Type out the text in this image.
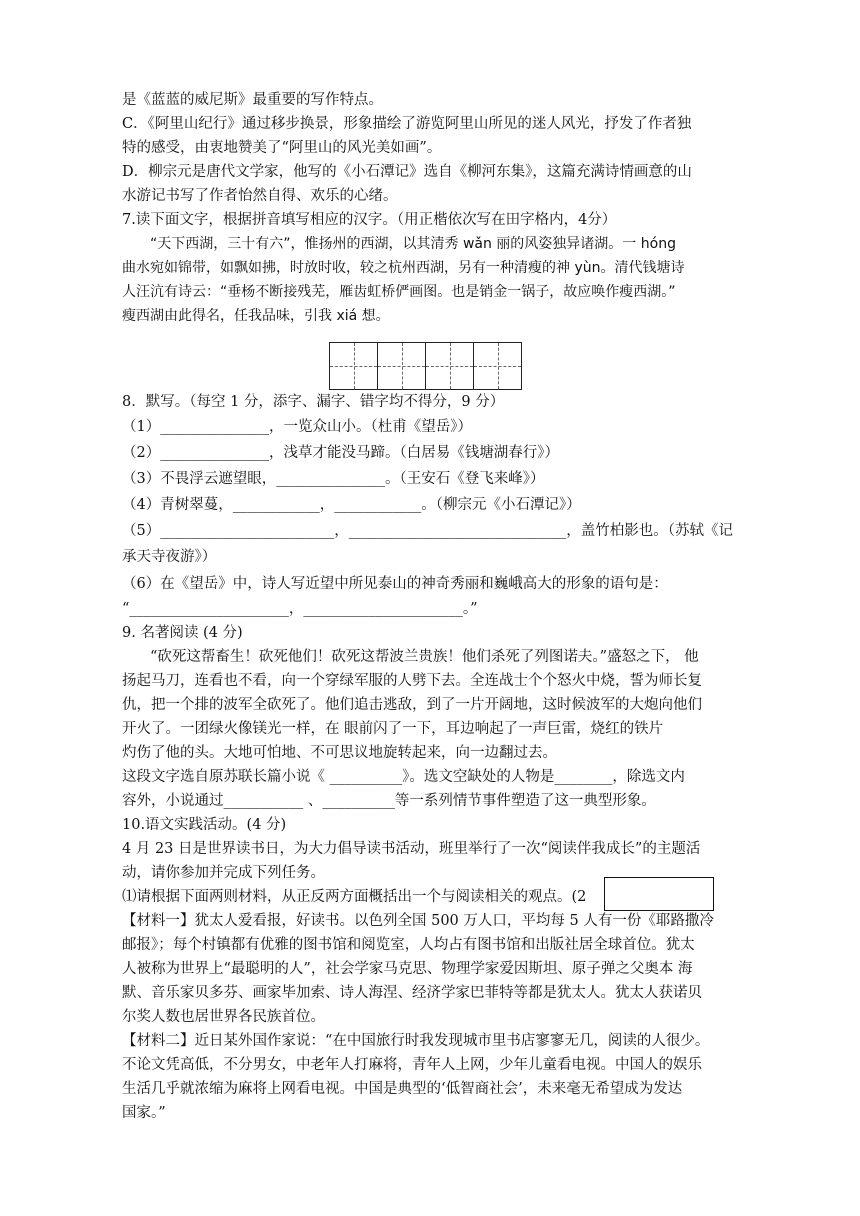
是《蓝蓝的威尼斯》最重要的写作特点。
C．《阿里山纪行》通过移步换景，形象描绘了游览阿里山所见的迷人风光，抒发了作者独
特的感受，由衷地赞美了“阿里山的风光美如画”。
D．柳宗元是唐代文学家，他写的《小石潭记》选自《柳河东集》，这篇充满诗情画意的山
水游记书写了作者怡然自得、欢乐的心绪。
7.读下面文字，根据拼音填写相应的汉字。（用正楷依次写在田字格内，4分）
“天下西湖，三十有六”，惟扬州的西湖，以其清秀 wǎn 丽的风姿独异诸湖。一 hóng
曲水宛如锦带，如飘如拂，时放时收，较之杭州西湖，另有一种清瘦的神 yùn。清代钱塘诗
人汪沆有诗云：“垂杨不断接残芜，雁齿虹桥俨画图。也是销金一锅子，故应唤作瘦西湖。”
瘦西湖由此得名，任我品味，引我 xiá 想。
8．默写。（每空 1 分，添字、漏字、错字均不得分，9 分）
（1）_______________，一览众山小。（杜甫《望岳》）
（2）_______________，浅草才能没马蹄。（白居易《钱塘湖春行》）
（3）不畏浮云遮望眼，_______________。（王安石《登飞来峰》）
（4）青树翠蔓，____________，____________。（柳宗元《小石潭记》）
（5）________________________，______________________________，盖竹柏影也。（苏轼《记
承天寺夜游》）
（6）在《望岳》中，诗人写近望中所见泰山的神奇秀丽和巍峨高大的形象的语句是：
“______________________，______________________。”
9. 名著阅读 (4 分)
“砍死这帮畜生！砍死他们！砍死这帮波兰贵族！他们杀死了列图诺夫。”盛怒之下， 他
扬起马刀，连看也不看，向一个穿绿军服的人劈下去。全连战士个个怒火中烧，誓为师长复
仇，把一个排的波军全砍死了。他们追击逃敌，到了一片开阔地，这时候波军的大炮向他们
开火了。一团绿火像镁光一样，在 眼前闪了一下，耳边响起了一声巨雷，烧红的铁片
灼伤了他的头。大地可怕地、不可思议地旋转起来，向一边翻过去。
这段文字选自原苏联长篇小说《 __________》。选文空缺处的人物是________，除选文内
容外，小说通过___________ 、__________等一系列情节事件塑造了这一典型形象。
10.语文实践活动。(4 分)
4 月 23 日是世界读书日，为大力倡导读书活动，班里举行了一次“阅读伴我成长”的主题活
动，请你参加并完成下列任务。
⑴请根据下面两则材料，从正反两方面概括出一个与阅读相关的观点。(2
【材料一】犹太人爱看报，好读书。以色列全国 500 万人口，平均每 5 人有一份《耶路撒冷
邮报》；每个村镇都有优雅的图书馆和阅览室，人均占有图书馆和出版社居全球首位。犹太
人被称为世界上“最聪明的人”，社会学家马克思、物理学家爱因斯坦、原子弹之父奥本 海
默、音乐家贝多芬、画家毕加索、诗人海涅、经济学家巴菲特等都是犹太人。犹太人获诺贝
尔奖人数也居世界各民族首位。
【材料二】近日某外国作家说：“在中国旅行时我发现城市里书店寥寥无几，阅读的人很少。
不论文凭高低，不分男女，中老年人打麻将，青年人上网，少年儿童看电视。中国人的娱乐
生活几乎就浓缩为麻将上网看电视。中国是典型的‘低智商社会’，未来毫无希望成为发达
国家。”
